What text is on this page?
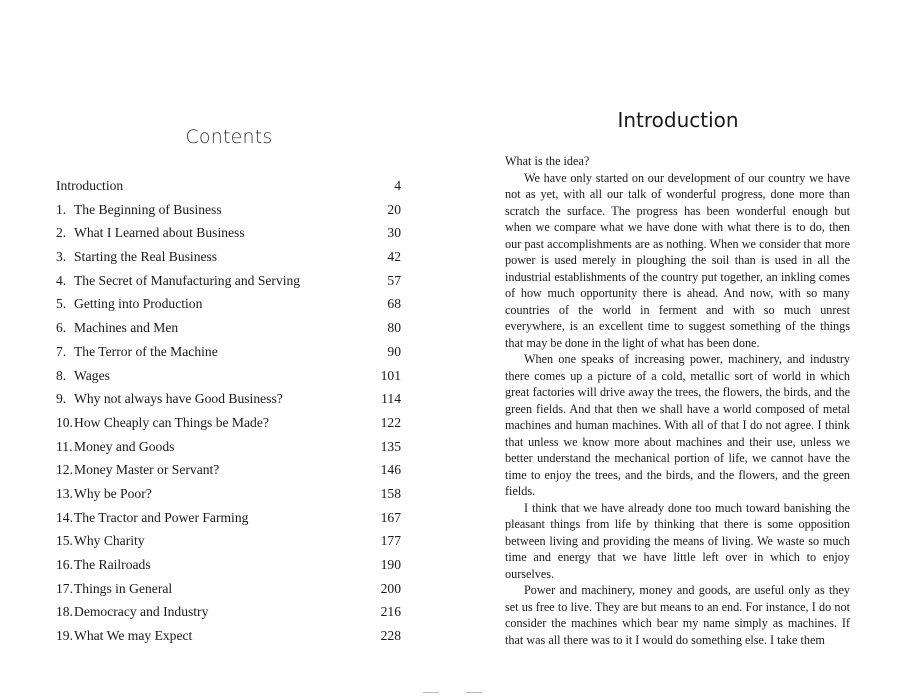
Contents
Introduction	4
1. The Beginning of Business	20
2. What I Learned about Business	30
3. Starting the Real Business	42
4. The Secret of Manufacturing and Serving	57
5. Getting into Production	68
6. Machines and Men	80
7. The Terror of the Machine	90
8. Wages	101
9. Why not always have Good Business?	114
10. How Cheaply can Things be Made?	122
11. Money and Goods	135
12. Money Master or Servant?	146
13. Why be Poor?	158
14. The Tractor and Power Farming	167
15. Why Charity	177
16. The Railroads	190
17. Things in General	200
18. Democracy and Industry	216
19. What We may Expect	228
Introduction

What is the idea?

We have only started on our development of our country we have not as yet, with all our talk of wonderful progress, done more than scratch the surface. The progress has been wonderful enough but when we compare what we have done with what there is to do, then our past accomplishments are as nothing. When we consider that more power is used merely in ploughing the soil than is used in all the industrial establishments of the country put together, an inkling comes of how much opportunity there is ahead. And now, with so many countries of the world in ferment and with so much unrest everywhere, is an excellent time to suggest something of the things that may be done in the light of what has been done.

When one speaks of increasing power, machinery, and industry there comes up a picture of a cold, metallic sort of world in which great factories will drive away the trees, the flowers, the birds, and the green fields. And that then we shall have a world composed of metal machines and human machines. With all of that I do not agree. I think that unless we know more about machines and their use, unless we better understand the mechanical portion of life, we cannot have the time to enjoy the trees, and the birds, and the flowers, and the green fields.

I think that we have already done too much toward banishing the pleasant things from life by thinking that there is some opposition between living and providing the means of living. We waste so much time and energy that we have little left over in which to enjoy ourselves.

Power and machinery, money and goods, are useful only as they set us free to live. They are but means to an end. For instance, I do not consider the machines which bear my name simply as machines. If that was all there was to it I would do something else. I take them
